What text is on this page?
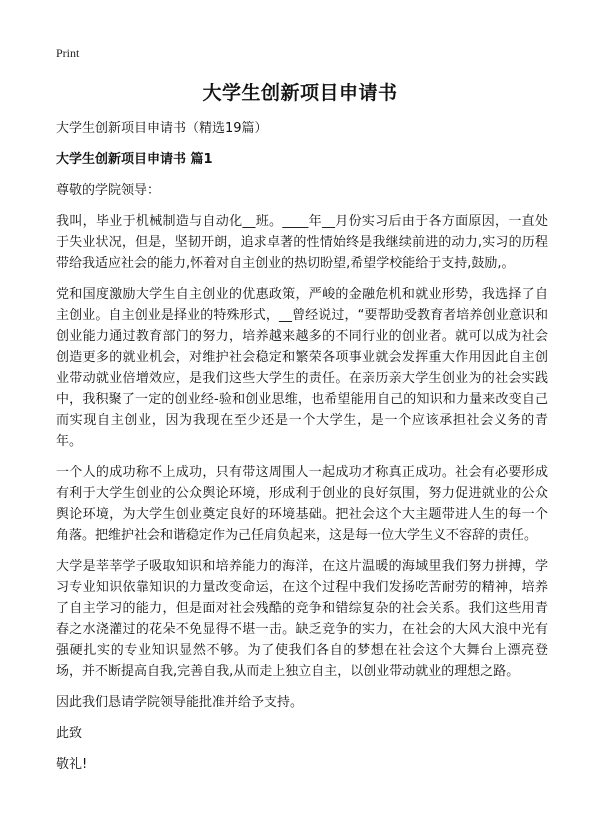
Print
大学生创新项目申请书

大学生创新项目申请书（精选19篇）

大学生创新项目申请书 篇1

尊敬的学院领导：

我叫，毕业于机械制造与自动化__班。____年__月份实习后由于各方面原因，一直处于失业状况，但是，坚韧开朗，追求卓著的性情始终是我继续前进的动力,实习的历程带给我适应社会的能力,怀着对自主创业的热切盼望,希望学校能给于支持,鼓励,。

党和国度激励大学生自主创业的优惠政策，严峻的金融危机和就业形势，我选择了自主创业。自主创业是择业的特殊形式，__曾经说过，“要帮助受教育者培养创业意识和创业能力通过教育部门的努力，培养越来越多的不同行业的创业者。就可以成为社会创造更多的就业机会，对维护社会稳定和繁荣各项事业就会发挥重大作用因此自主创业带动就业倍增效应，是我们这些大学生的责任。在亲历亲大学生创业为的社会实践中，我积聚了一定的创业经-验和创业思维，也希望能用自己的知识和力量来改变自己而实现自主创业，因为我现在至少还是一个大学生，是一个应该承担社会义务的青年。

一个人的成功称不上成功，只有带这周围人一起成功才称真正成功。社会有必要形成有利于大学生创业的公众舆论环境，形成利于创业的良好氛围，努力促进就业的公众舆论环境，为大学生创业奠定良好的环境基础。把社会这个大主题带进人生的每一个角落。把维护社会和谐稳定作为己任肩负起来，这是每一位大学生义不容辞的责任。

大学是莘莘学子吸取知识和培养能力的海洋，在这片温暖的海域里我们努力拼搏，学习专业知识依靠知识的力量改变命运，在这个过程中我们发扬吃苦耐劳的精神，培养了自主学习的能力，但是面对社会残酷的竞争和错综复杂的社会关系。我们这些用青春之水浇灌过的花朵不免显得不堪一击。缺乏竞争的实力，在社会的大风大浪中光有强硬扎实的专业知识显然不够。为了使我们各自的梦想在社会这个大舞台上漂亮登场，并不断提高自我,完善自我,从而走上独立自主，以创业带动就业的理想之路。

因此我们恳请学院领导能批准并给予支持。

此致

敬礼!
